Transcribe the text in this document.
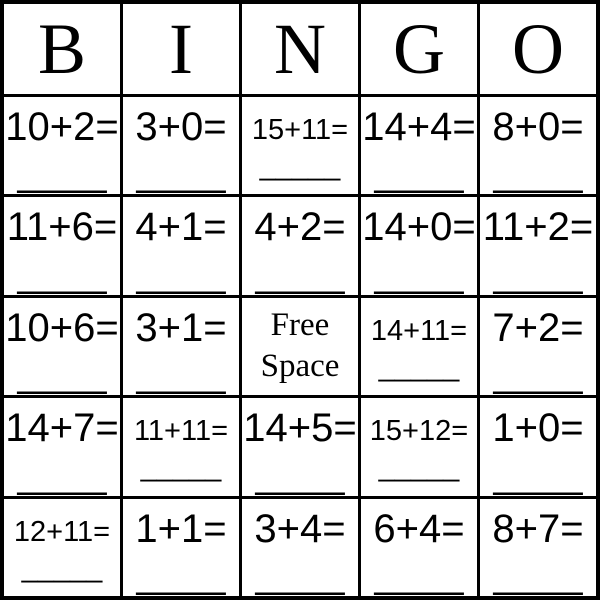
B I N G O
10+2=
____
3+0=
____
15+11=
_____
14+4=
____
8+0=
____
11+6=
____
4+1=
____
4+2=
____
14+0=
____
11+2=
____
10+6=
____
3+1=
____
Free
Space
14+11=
_____
7+2=
____
14+7=
____
11+11=
_____
14+5=
____
15+12=
_____
1+0=
____
12+11=
_____
1+1=
____
3+4=
____
6+4=
____
8+7=
____
